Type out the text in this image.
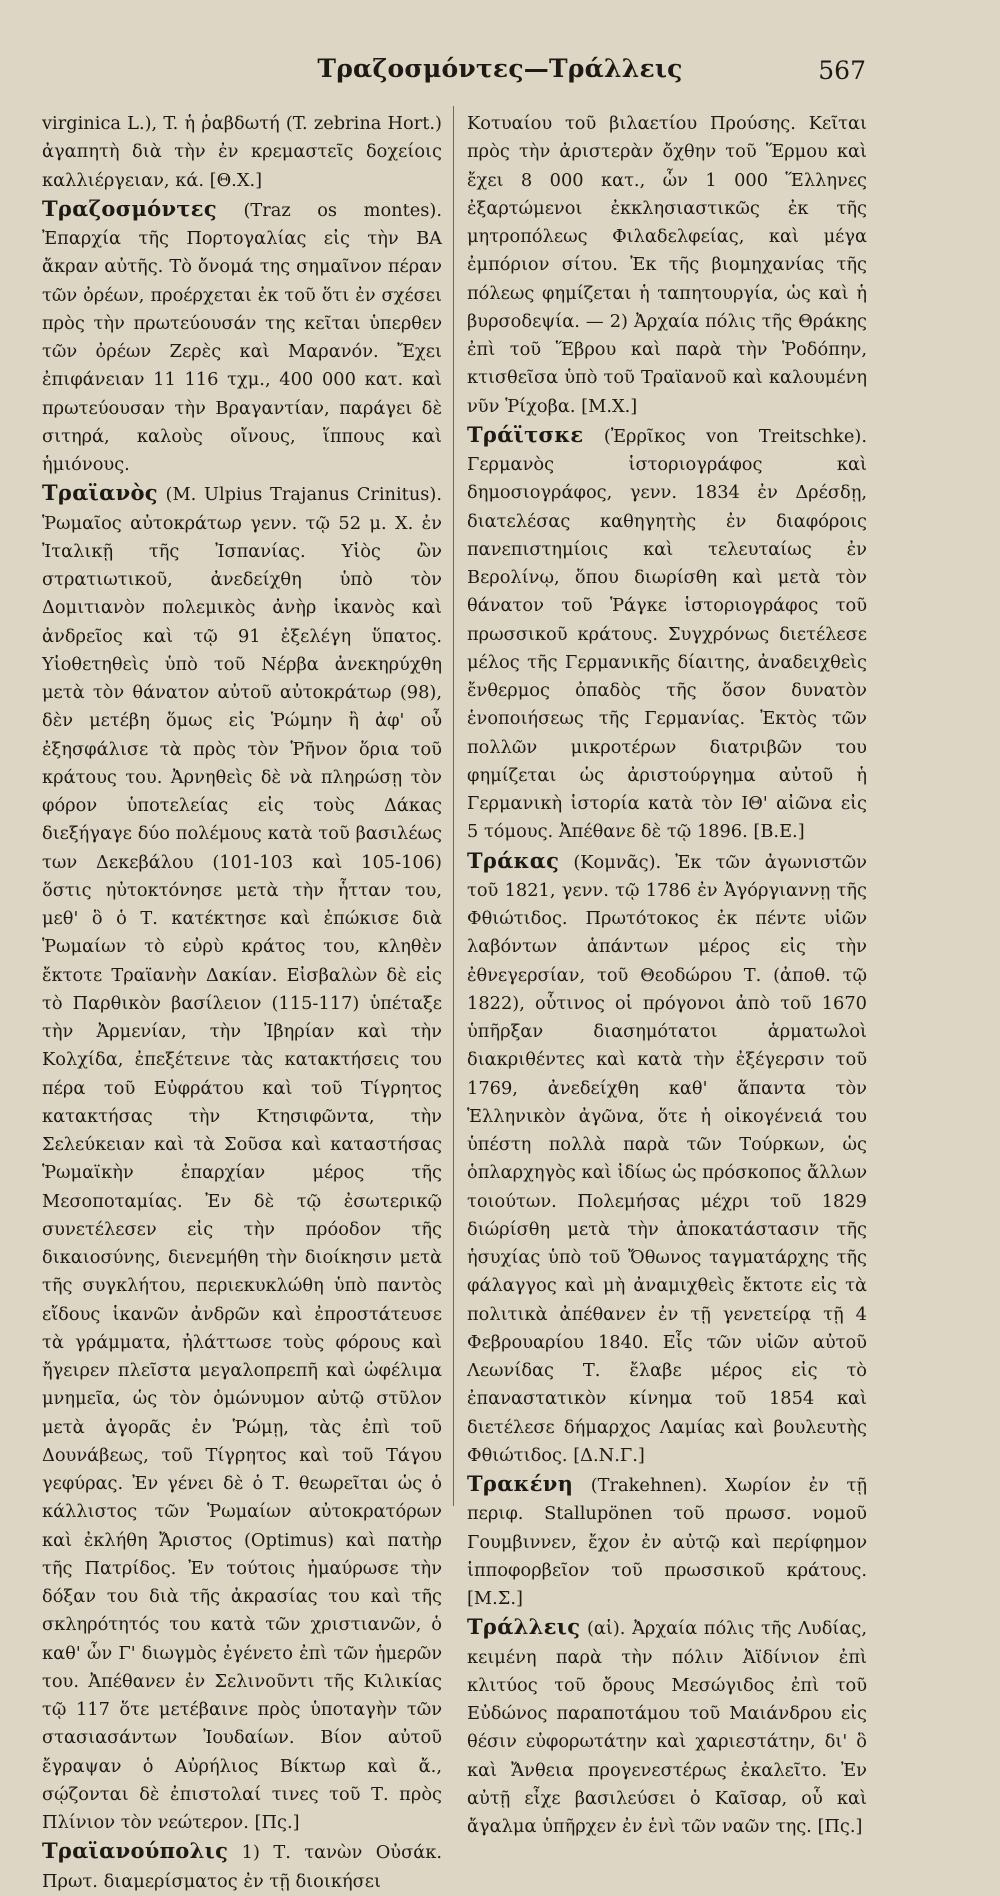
Τραζοσμόντες—Τράλλεις	567

virginica L.), T. ἡ ῥαβδωτή (T. zebrina Hort.) ἀγαπητὴ διὰ τὴν ἐν κρεμαστεῖς δοχείοις καλλιέργειαν, κά. [Θ.Χ.]

Τραζοσμόντες (Traz os montes). Ἐπαρχία τῆς Πορτογαλίας εἰς τὴν ΒΑ ἄκραν αὐτῆς. Τὸ ὄνομά της σημαῖνον πέραν τῶν ὀρέων, προέρχεται ἐκ τοῦ ὅτι ἐν σχέσει πρὸς τὴν πρωτεύουσάν της κεῖται ὑπερθεν τῶν ὀρέων Ζερὲς καὶ Μαρανόν. Ἔχει ἐπιφάνειαν 11 116 τχμ., 400 000 κατ. καὶ πρωτεύουσαν τὴν Βραγαντίαν, παράγει δὲ σιτηρά, καλοὺς οἴνους, ἵππους καὶ ἡμιόνους.

Τραϊανὸς (M. Ulpius Trajanus Crinitus). Ῥωμαῖος αὐτοκράτωρ γενν. τῷ 52 μ. Χ. ἐν Ἰταλικῇ τῆς Ἰσπανίας. Υἱὸς ὢν στρατιωτικοῦ, ἀνεδείχθη ὑπὸ τὸν Δομιτιανὸν πολεμικὸς ἀνὴρ ἱκανὸς καὶ ἀνδρεῖος καὶ τῷ 91 ἐξελέγη ὕπατος. Υἱοθετηθεὶς ὑπὸ τοῦ Νέρβα ἀνεκηρύχθη μετὰ τὸν θάνατον αὐτοῦ αὐτοκράτωρ (98), δὲν μετέβη ὅμως εἰς Ῥώμην ἢ ἀφ' οὗ ἐξησφάλισε τὰ πρὸς τὸν Ῥῆνον ὅρια τοῦ κράτους του. Ἀρνηθεὶς δὲ νὰ πληρώσῃ τὸν φόρον ὑποτελείας εἰς τοὺς Δάκας διεξήγαγε δύο πολέμους κατὰ τοῦ βασιλέως των Δεκεβάλου (101-103 καὶ 105-106) ὅστις ηὐτοκτόνησε μετὰ τὴν ἧτταν του, μεθ' ὃ ὁ Τ. κατέκτησε καὶ ἐπώκισε διὰ Ῥωμαίων τὸ εὐρὺ κράτος του, κληθὲν ἔκτοτε Τραϊανὴν Δακίαν. Εἰσβαλὼν δὲ εἰς τὸ Παρθικὸν βασίλειον (115-117) ὑπέταξε τὴν Ἀρμενίαν, τὴν Ἰβηρίαν καὶ τὴν Κολχίδα, ἐπεξέτεινε τὰς κατακτήσεις του πέρα τοῦ Εὐφράτου καὶ τοῦ Τίγρητος κατακτήσας τὴν Κτησιφῶντα, τὴν Σελεύκειαν καὶ τὰ Σοῦσα καὶ καταστήσας Ῥωμαϊκὴν ἐπαρχίαν μέρος τῆς Μεσοποταμίας. Ἐν δὲ τῷ ἐσωτερικῷ συνετέλεσεν εἰς τὴν πρόοδον τῆς δικαιοσύνης, διενεμήθη τὴν διοίκησιν μετὰ τῆς συγκλήτου, περιεκυκλώθη ὑπὸ παντὸς εἴδους ἱκανῶν ἀνδρῶν καὶ ἐπροστάτευσε τὰ γράμματα, ἠλάττωσε τοὺς φόρους καὶ ἤγειρεν πλεῖστα μεγαλοπρεπῆ καὶ ὠφέλιμα μνημεῖα, ὡς τὸν ὁμώνυμον αὐτῷ στῦλον μετὰ ἀγορᾶς ἐν Ῥώμῃ, τὰς ἐπὶ τοῦ Δουνάβεως, τοῦ Τίγρητος καὶ τοῦ Τάγου γεφύρας. Ἐν γένει δὲ ὁ Τ. θεωρεῖται ὡς ὁ κάλλιστος τῶν Ῥωμαίων αὐτοκρατόρων καὶ ἐκλήθη Ἄριστος (Optimus) καὶ πατὴρ τῆς Πατρίδος. Ἐν τούτοις ἠμαύρωσε τὴν δόξαν του διὰ τῆς ἀκρασίας του καὶ τῆς σκληρότητός του κατὰ τῶν χριστιανῶν, ὁ καθ' ὧν Γ' διωγμὸς ἐγένετο ἐπὶ τῶν ἡμερῶν του. Ἀπέθανεν ἐν Σελινοῦντι τῆς Κιλικίας τῷ 117 ὅτε μετέβαινε πρὸς ὑποταγὴν τῶν στασιασάντων Ἰουδαίων. Βίον αὐτοῦ ἔγραψαν ὁ Αὐρήλιος Βίκτωρ καὶ ἄ., σῴζονται δὲ ἐπιστολαί τινες τοῦ Τ. πρὸς Πλίνιον τὸν νεώτερον. [Πς.]

Τραϊανούπολις 1) Τ. τανὼν Οὐσάκ. Πρωτ. διαμερίσματος ἐν τῇ διοικήσει

Κοτυαίου τοῦ βιλαετίου Προύσης. Κεῖται πρὸς τὴν ἀριστερὰν ὄχθην τοῦ Ἕρμου καὶ ἔχει 8 000 κατ., ὧν 1 000 Ἕλληνες ἐξαρτώμενοι ἐκκλησιαστικῶς ἐκ τῆς μητροπόλεως Φιλαδελφείας, καὶ μέγα ἐμπόριον σίτου. Ἐκ τῆς βιομηχανίας τῆς πόλεως φημίζεται ἡ ταπητουργία, ὡς καὶ ἡ βυρσοδεψία. — 2) Ἀρχαία πόλις τῆς Θράκης ἐπὶ τοῦ Ἕβρου καὶ παρὰ τὴν Ῥοδόπην, κτισθεῖσα ὑπὸ τοῦ Τραϊανοῦ καὶ καλουμένη νῦν Ῥίχοβα. [Μ.Χ.]

Τράϊτσκε (Ἐρρῖκος von Treitschke). Γερμανὸς ἱστοριογράφος καὶ δημοσιογράφος, γενν. 1834 ἐν Δρέσδῃ, διατελέσας καθηγητὴς ἐν διαφόροις πανεπιστημίοις καὶ τελευταίως ἐν Βερολίνῳ, ὅπου διωρίσθη καὶ μετὰ τὸν θάνατον τοῦ Ῥάγκε ἱστοριογράφος τοῦ πρωσσικοῦ κράτους. Συγχρόνως διετέλεσε μέλος τῆς Γερμανικῆς δίαιτης, ἀναδειχθεὶς ἔνθερμος ὀπαδὸς τῆς ὅσον δυνατὸν ἑνοποιήσεως τῆς Γερμανίας. Ἐκτὸς τῶν πολλῶν μικροτέρων διατριβῶν του φημίζεται ὡς ἀριστούργημα αὐτοῦ ἡ Γερμανικὴ ἱστορία κατὰ τὸν ΙΘ' αἰῶνα εἰς 5 τόμους. Ἀπέθανε δὲ τῷ 1896. [Β.Ε.]

Τράκας (Κομνᾶς). Ἐκ τῶν ἀγωνιστῶν τοῦ 1821, γενν. τῷ 1786 ἐν Ἀγόργιαννῃ τῆς Φθιώτιδος. Πρωτότοκος ἐκ πέντε υἱῶν λαβόντων ἁπάντων μέρος εἰς τὴν ἐθνεγερσίαν, τοῦ Θεοδώρου Τ. (ἀποθ. τῷ 1822), οὗτινος οἱ πρόγονοι ἀπὸ τοῦ 1670 ὑπῆρξαν διασημότατοι ἁρματωλοὶ διακριθέντες καὶ κατὰ τὴν ἐξέγερσιν τοῦ 1769, ἀνεδείχθη καθ' ἅπαντα τὸν Ἑλληνικὸν ἀγῶνα, ὅτε ἡ οἰκογένειά του ὑπέστη πολλὰ παρὰ τῶν Τούρκων, ὡς ὁπλαρχηγὸς καὶ ἰδίως ὡς πρόσκοπος ἄλλων τοιούτων. Πολεμήσας μέχρι τοῦ 1829 διώρίσθη μετὰ τὴν ἀποκατάστασιν τῆς ἡσυχίας ὑπὸ τοῦ Ὄθωνος ταγματάρχης τῆς φάλαγγος καὶ μὴ ἀναμιχθεὶς ἔκτοτε εἰς τὰ πολιτικὰ ἀπέθανεν ἐν τῇ γενετείρᾳ τῇ 4 Φεβρουαρίου 1840. Εἷς τῶν υἱῶν αὐτοῦ Λεωνίδας Τ. ἔλαβε μέρος εἰς τὸ ἐπαναστατικὸν κίνημα τοῦ 1854 καὶ διετέλεσε δήμαρχος Λαμίας καὶ βουλευτὴς Φθιώτιδος. [Δ.Ν.Γ.]

Τρακένη (Trakehnen). Χωρίον ἐν τῇ περιφ. Stallupönen τοῦ πρωσσ. νομοῦ Γουμβιννεν, ἔχον ἐν αὐτῷ καὶ περίφημον ἱπποφορβεῖον τοῦ πρωσσικοῦ κράτους. [Μ.Σ.]

Τράλλεις (αἱ). Ἀρχαία πόλις τῆς Λυδίας, κειμένη παρὰ τὴν πόλιν Ἀϊδίνιον ἐπὶ κλιτύος τοῦ ὄρους Μεσώγιδος ἐπὶ τοῦ Εὐδώνος παραποτάμου τοῦ Μαιάνδρου εἰς θέσιν εὐφορωτάτην καὶ χαριεστάτην, δι' ὃ καὶ Ἄνθεια προγενεστέρως ἐκαλεῖτο. Ἐν αὐτῇ εἶχε βασιλεύσει ὁ Καῖσαρ, οὗ καὶ ἄγαλμα ὑπῆρχεν ἐν ἑνὶ τῶν ναῶν της. [Πς.]
